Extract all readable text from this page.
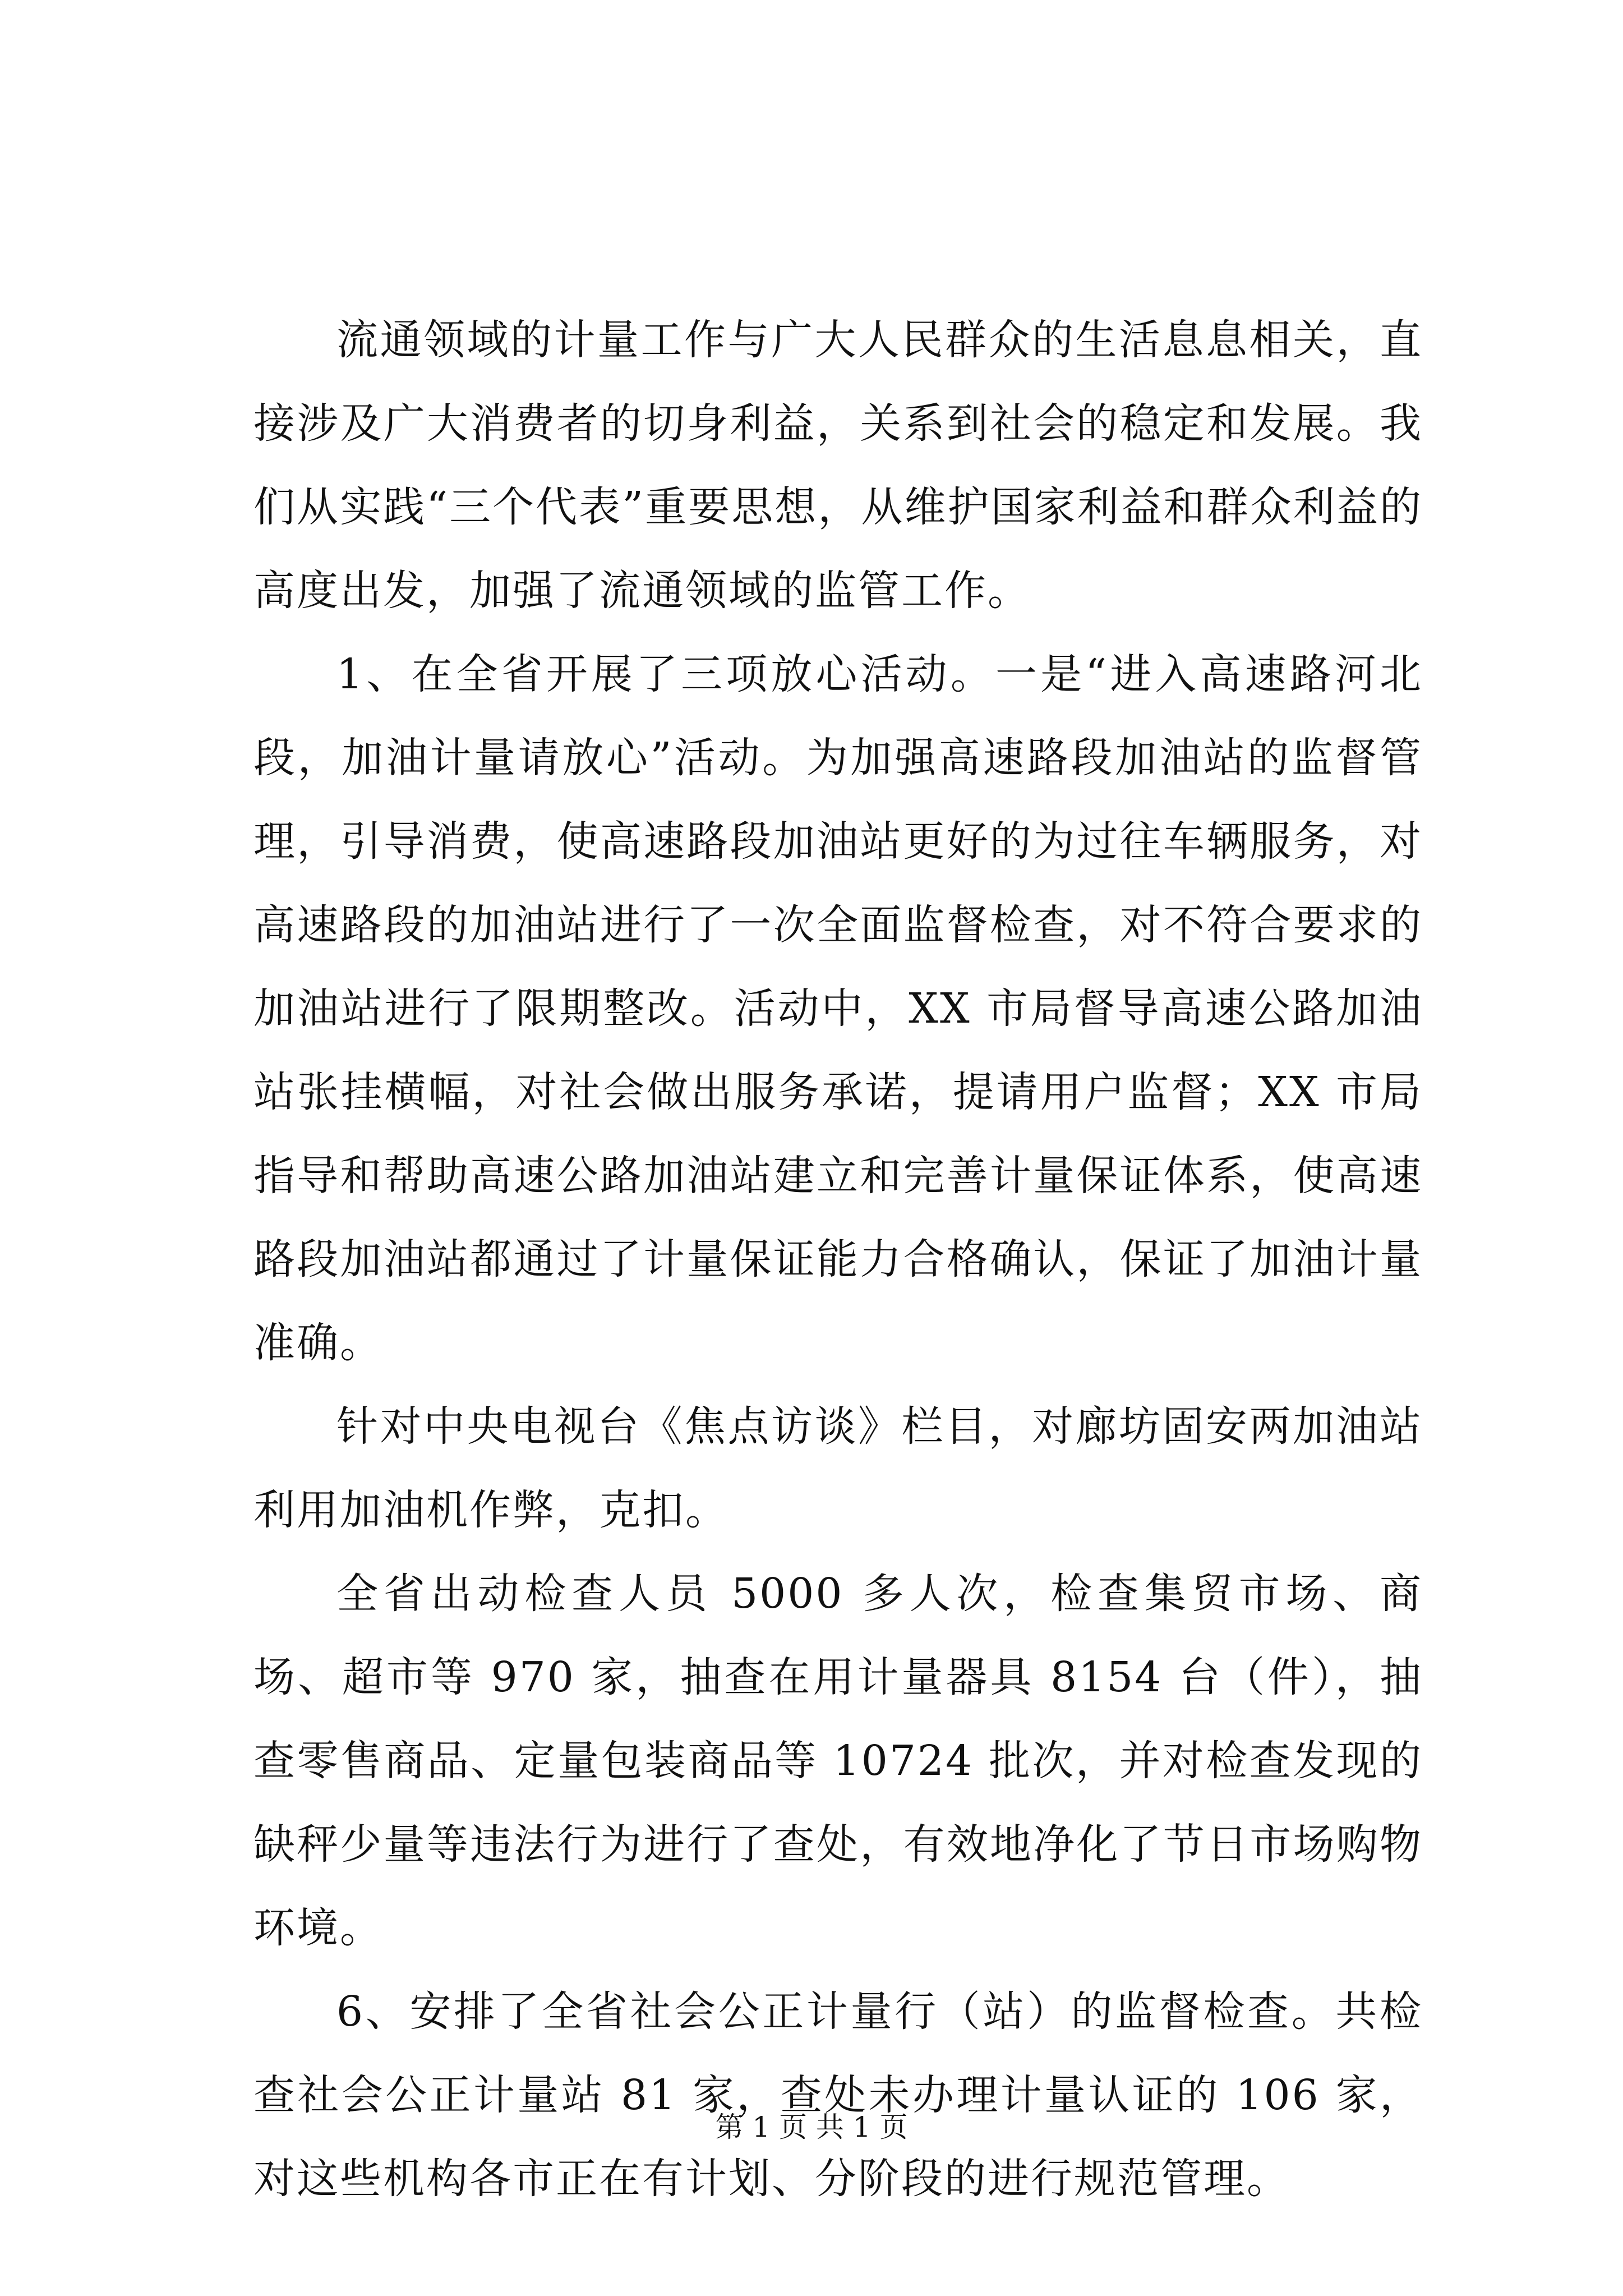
流通领域的计量工作与广大人民群众的生活息息相关，直接涉及广大消费者的切身利益，关系到社会的稳定和发展。我们从实践“三个代表”重要思想，从维护国家利益和群众利益的高度出发，加强了流通领域的监管工作。

1、在全省开展了三项放心活动。一是“进入高速路河北段，加油计量请放心”活动。为加强高速路段加油站的监督管理，引导消费，使高速路段加油站更好的为过往车辆服务，对高速路段的加油站进行了一次全面监督检查，对不符合要求的加油站进行了限期整改。活动中，XX 市局督导高速公路加油站张挂横幅，对社会做出服务承诺，提请用户监督；XX 市局指导和帮助高速公路加油站建立和完善计量保证体系，使高速路段加油站都通过了计量保证能力合格确认，保证了加油计量准确。

针对中央电视台《焦点访谈》栏目，对廊坊固安两加油站利用加油机作弊，克扣。

全省出动检查人员 5000 多人次，检查集贸市场、商场、超市等 970 家，抽查在用计量器具 8154 台（件），抽查零售商品、定量包装商品等 10724 批次，并对检查发现的缺秤少量等违法行为进行了查处，有效地净化了节日市场购物环境。

6、安排了全省社会公正计量行（站）的监督检查。共检查社会公正计量站 81 家，查处未办理计量认证的 106 家，对这些机构各市正在有计划、分阶段的进行规范管理。

第 1 页 共 1 页
